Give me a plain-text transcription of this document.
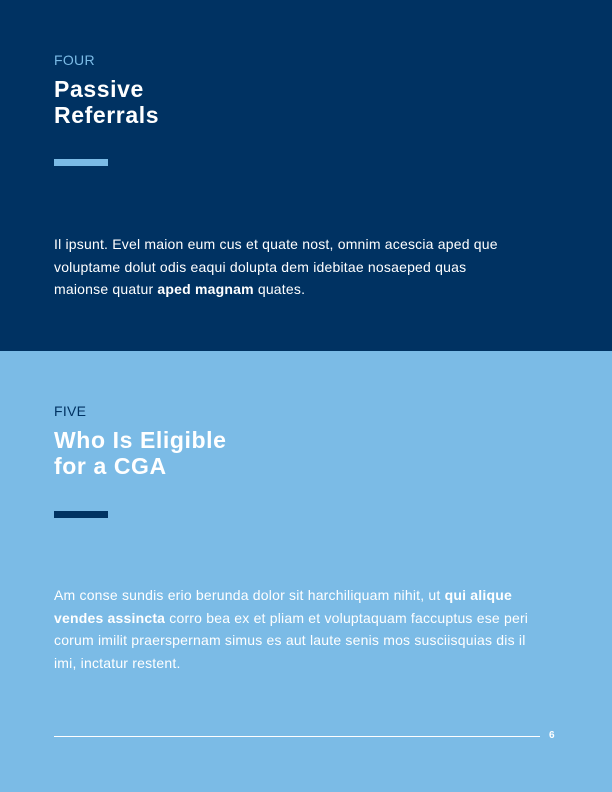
FOUR
Passive
Referrals

Il ipsunt. Evel maion eum cus et quate nost, omnim acescia aped que voluptame dolut odis eaqui dolupta dem idebitae nosaeped quas maionse quatur aped magnam quates.

FIVE
Who Is Eligible
for a CGA

Am conse sundis erio berunda dolor sit harchiliquam nihit, ut qui alique vendes assincta corro bea ex et pliam et voluptaquam faccuptus ese peri corum imilit praerspernam simus es aut laute senis mos susciisquias dis il imi, inctatur restent.

6
